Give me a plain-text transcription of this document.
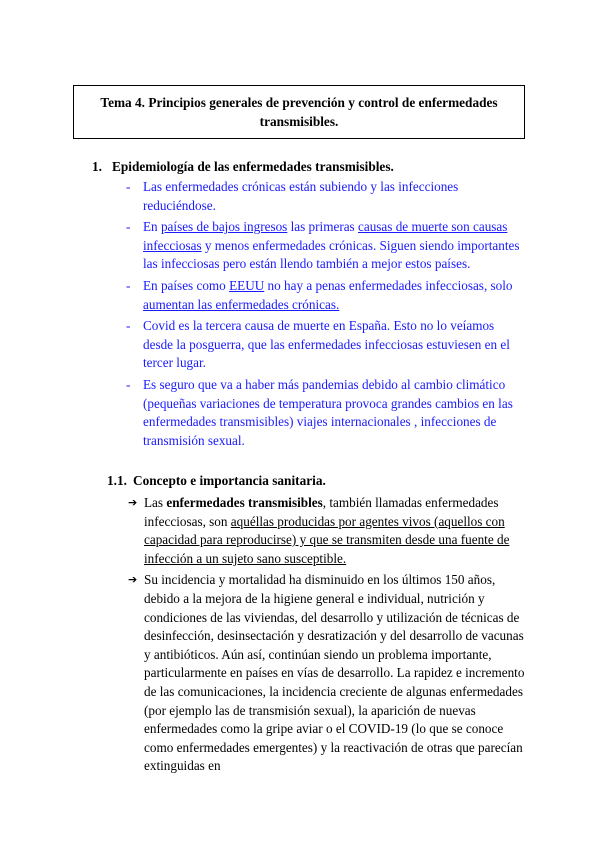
Tema 4. Principios generales de prevención y control de enfermedades
transmisibles.
1. Epidemiología de las enfermedades transmisibles.
- Las enfermedades crónicas están subiendo y las infecciones reduciéndose.
- En países de bajos ingresos las primeras causas de muerte son causas infecciosas y menos enfermedades crónicas. Siguen siendo importantes las infecciosas pero están llendo también a mejor estos países.
- En países como EEUU no hay a penas enfermedades infecciosas, solo aumentan las enfermedades crónicas.
- Covid es la tercera causa de muerte en España. Esto no lo veíamos desde la posguerra, que las enfermedades infecciosas estuviesen en el tercer lugar.
- Es seguro que va a haber más pandemias debido al cambio climático (pequeñas variaciones de temperatura provoca grandes cambios en las enfermedades transmisibles) viajes internacionales , infecciones de transmisión sexual.
1.1. Concepto e importancia sanitaria.
➔ Las enfermedades transmisibles, también llamadas enfermedades infecciosas, son aquéllas producidas por agentes vivos (aquellos con capacidad para reproducirse) y que se transmiten desde una fuente de infección a un sujeto sano susceptible.
➔ Su incidencia y mortalidad ha disminuido en los últimos 150 años, debido a la mejora de la higiene general e individual, nutrición y condiciones de las viviendas, del desarrollo y utilización de técnicas de desinfección, desinsectación y desratización y del desarrollo de vacunas y antibióticos. Aún así, continúan siendo un problema importante, particularmente en países en vías de desarrollo. La rapidez e incremento de las comunicaciones, la incidencia creciente de algunas enfermedades (por ejemplo las de transmisión sexual), la aparición de nuevas enfermedades como la gripe aviar o el COVID-19 (lo que se conoce como enfermedades emergentes) y la reactivación de otras que parecían extinguidas en
